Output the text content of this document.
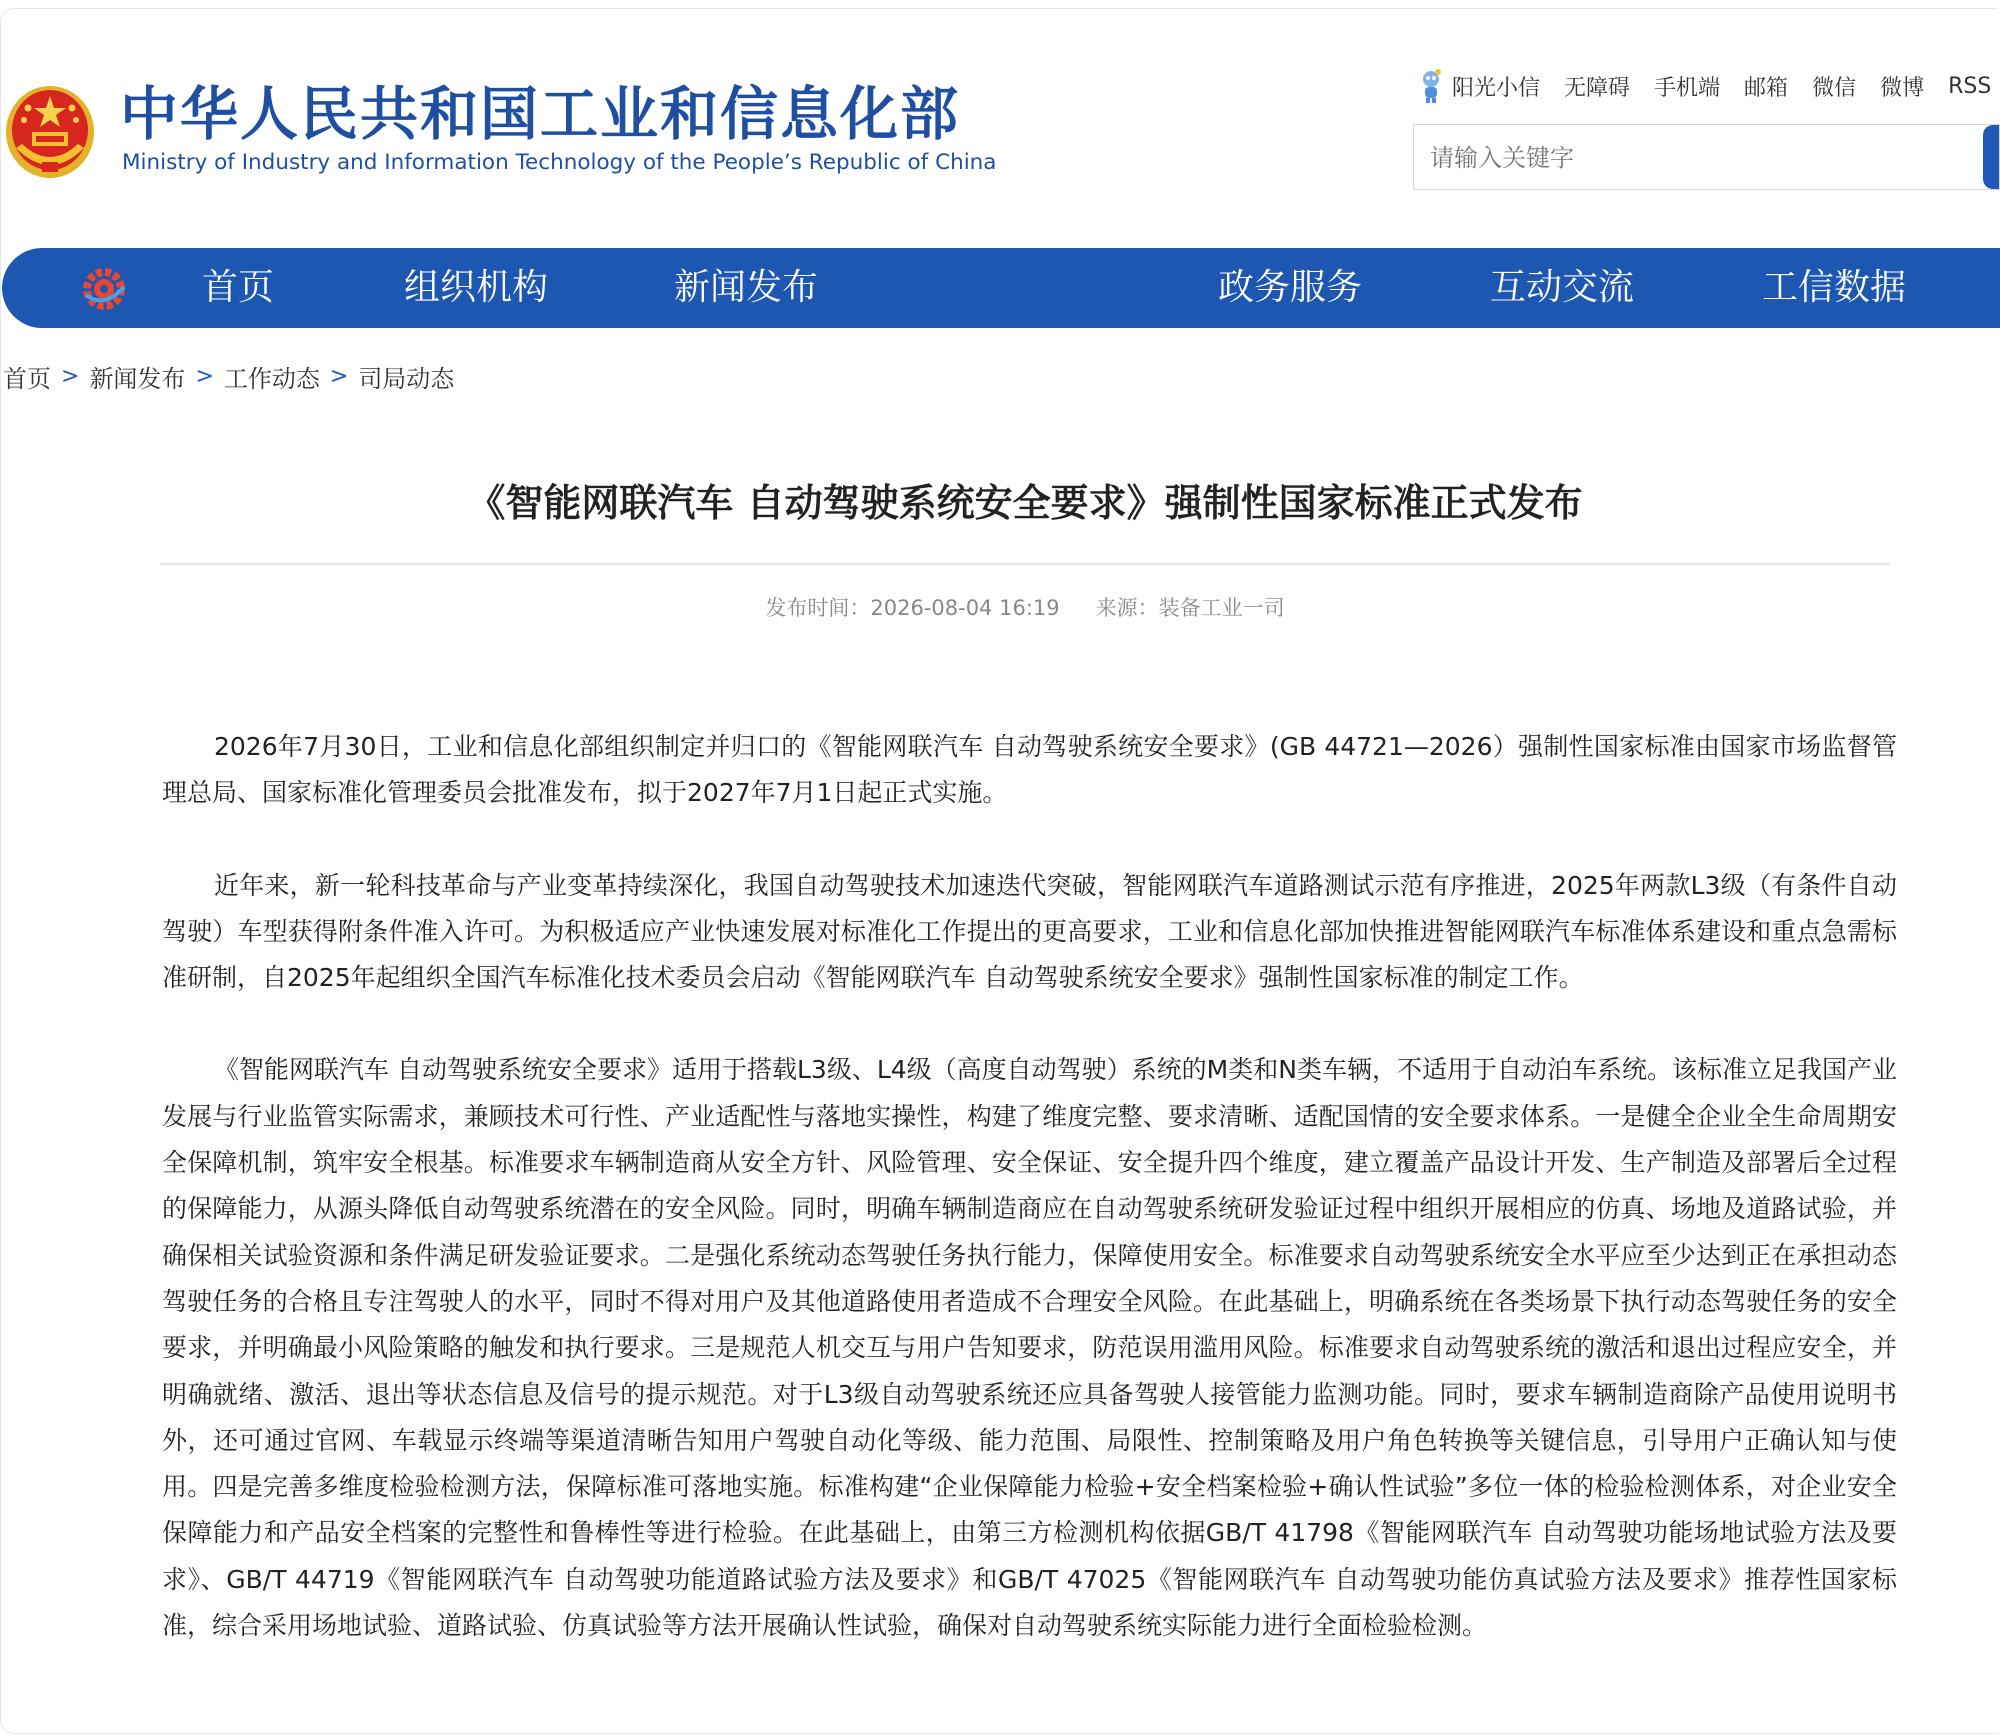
中华人民共和国工业和信息化部
Ministry of Industry and Information Technology of the People’s Republic of China
阳光小信 无障碍 手机端 邮箱 微信 微博 RSS
请输入关键字
首页	组织机构	新闻发布	政务服务	互动交流	工信数据
首页 > 新闻发布 > 工作动态 > 司局动态
《智能网联汽车 自动驾驶系统安全要求》强制性国家标准正式发布
发布时间：2026-08-04 16:19 来源：装备工业一司

2026年7月30日，工业和信息化部组织制定并归口的《智能网联汽车 自动驾驶系统安全要求》(GB 44721—2026）强制性国家标准由国家市场监督管理总局、国家标准化管理委员会批准发布，拟于2027年7月1日起正式实施。

近年来，新一轮科技革命与产业变革持续深化，我国自动驾驶技术加速迭代突破，智能网联汽车道路测试示范有序推进，2025年两款L3级（有条件自动驾驶）车型获得附条件准入许可。为积极适应产业快速发展对标准化工作提出的更高要求，工业和信息化部加快推进智能网联汽车标准体系建设和重点急需标准研制，自2025年起组织全国汽车标准化技术委员会启动《智能网联汽车 自动驾驶系统安全要求》强制性国家标准的制定工作。

《智能网联汽车 自动驾驶系统安全要求》适用于搭载L3级、L4级（高度自动驾驶）系统的M类和N类车辆，不适用于自动泊车系统。该标准立足我国产业发展与行业监管实际需求，兼顾技术可行性、产业适配性与落地实操性，构建了维度完整、要求清晰、适配国情的安全要求体系。一是健全企业全生命周期安全保障机制，筑牢安全根基。标准要求车辆制造商从安全方针、风险管理、安全保证、安全提升四个维度，建立覆盖产品设计开发、生产制造及部署后全过程的保障能力，从源头降低自动驾驶系统潜在的安全风险。同时，明确车辆制造商应在自动驾驶系统研发验证过程中组织开展相应的仿真、场地及道路试验，并确保相关试验资源和条件满足研发验证要求。二是强化系统动态驾驶任务执行能力，保障使用安全。标准要求自动驾驶系统安全水平应至少达到正在承担动态驾驶任务的合格且专注驾驶人的水平，同时不得对用户及其他道路使用者造成不合理安全风险。在此基础上，明确系统在各类场景下执行动态驾驶任务的安全要求，并明确最小风险策略的触发和执行要求。三是规范人机交互与用户告知要求，防范误用滥用风险。标准要求自动驾驶系统的激活和退出过程应安全，并明确就绪、激活、退出等状态信息及信号的提示规范。对于L3级自动驾驶系统还应具备驾驶人接管能力监测功能。同时，要求车辆制造商除产品使用说明书外，还可通过官网、车载显示终端等渠道清晰告知用户驾驶自动化等级、能力范围、局限性、控制策略及用户角色转换等关键信息，引导用户正确认知与使用。四是完善多维度检验检测方法，保障标准可落地实施。标准构建“企业保障能力检验+安全档案检验+确认性试验”多位一体的检验检测体系，对企业安全保障能力和产品安全档案的完整性和鲁棒性等进行检验。在此基础上，由第三方检测机构依据GB/T 41798《智能网联汽车 自动驾驶功能场地试验方法及要求》、GB/T 44719《智能网联汽车 自动驾驶功能道路试验方法及要求》和GB/T 47025《智能网联汽车 自动驾驶功能仿真试验方法及要求》推荐性国家标准，综合采用场地试验、道路试验、仿真试验等方法开展确认性试验，确保对自动驾驶系统实际能力进行全面检验检测。
